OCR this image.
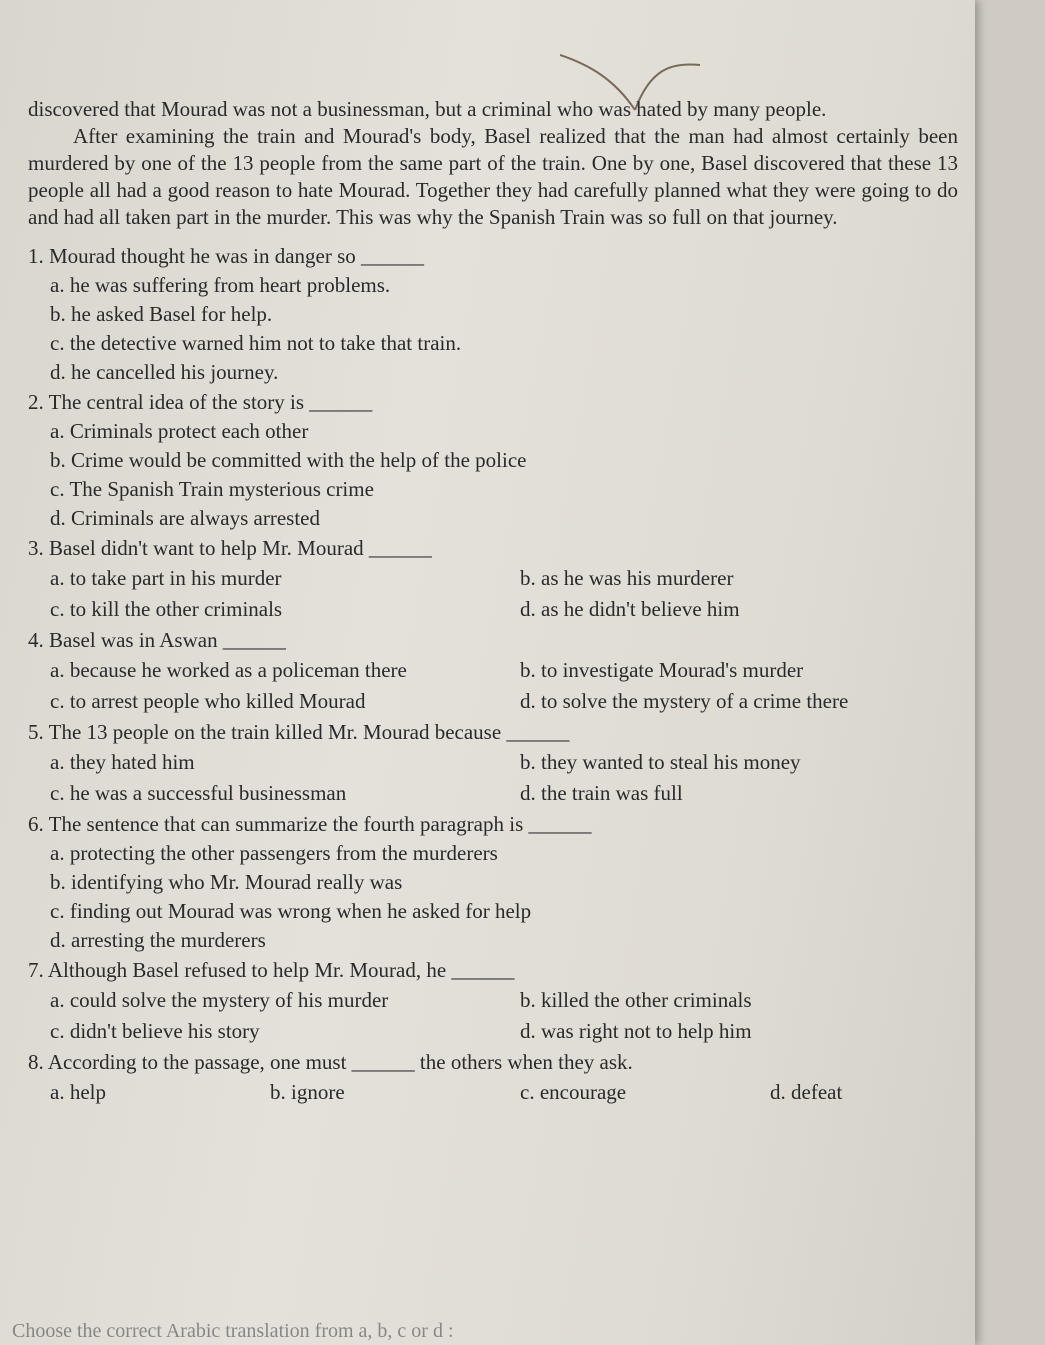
discovered that Mourad was not a businessman, but a criminal who was hated by many people.

After examining the train and Mourad's body, Basel realized that the man had almost certainly been murdered by one of the 13 people from the same part of the train. One by one, Basel discovered that these 13 people all had a good reason to hate Mourad. Together they had carefully planned what they were going to do and had all taken part in the murder. This was why the Spanish Train was so full on that journey.

1. Mourad thought he was in danger so ______

a. he was suffering from heart problems.

b. he asked Basel for help.

c. the detective warned him not to take that train.

d. he cancelled his journey.

2. The central idea of the story is ______

a. Criminals protect each other

b. Crime would be committed with the help of the police

c. The Spanish Train mysterious crime

d. Criminals are always arrested

3. Basel didn't want to help Mr. Mourad ______

a. to take part in his murder	b. as he was his murderer
c. to kill the other criminals	d. as he didn't believe him

4. Basel was in Aswan ______

a. because he worked as a policeman there	b. to investigate Mourad's murder
c. to arrest people who killed Mourad	d. to solve the mystery of a crime there

5. The 13 people on the train killed Mr. Mourad because ______

a. they hated him	b. they wanted to steal his money
c. he was a successful businessman	d. the train was full

6. The sentence that can summarize the fourth paragraph is ______

a. protecting the other passengers from the murderers

b. identifying who Mr. Mourad really was

c. finding out Mourad was wrong when he asked for help

d. arresting the murderers

7. Although Basel refused to help Mr. Mourad, he ______

a. could solve the mystery of his murder	b. killed the other criminals
c. didn't believe his story	d. was right not to help him

8. According to the passage, one must ______ the others when they ask.

a. help	b. ignore	c. encourage	d. defeat
Choose the correct Arabic translation from a, b, c or d :
